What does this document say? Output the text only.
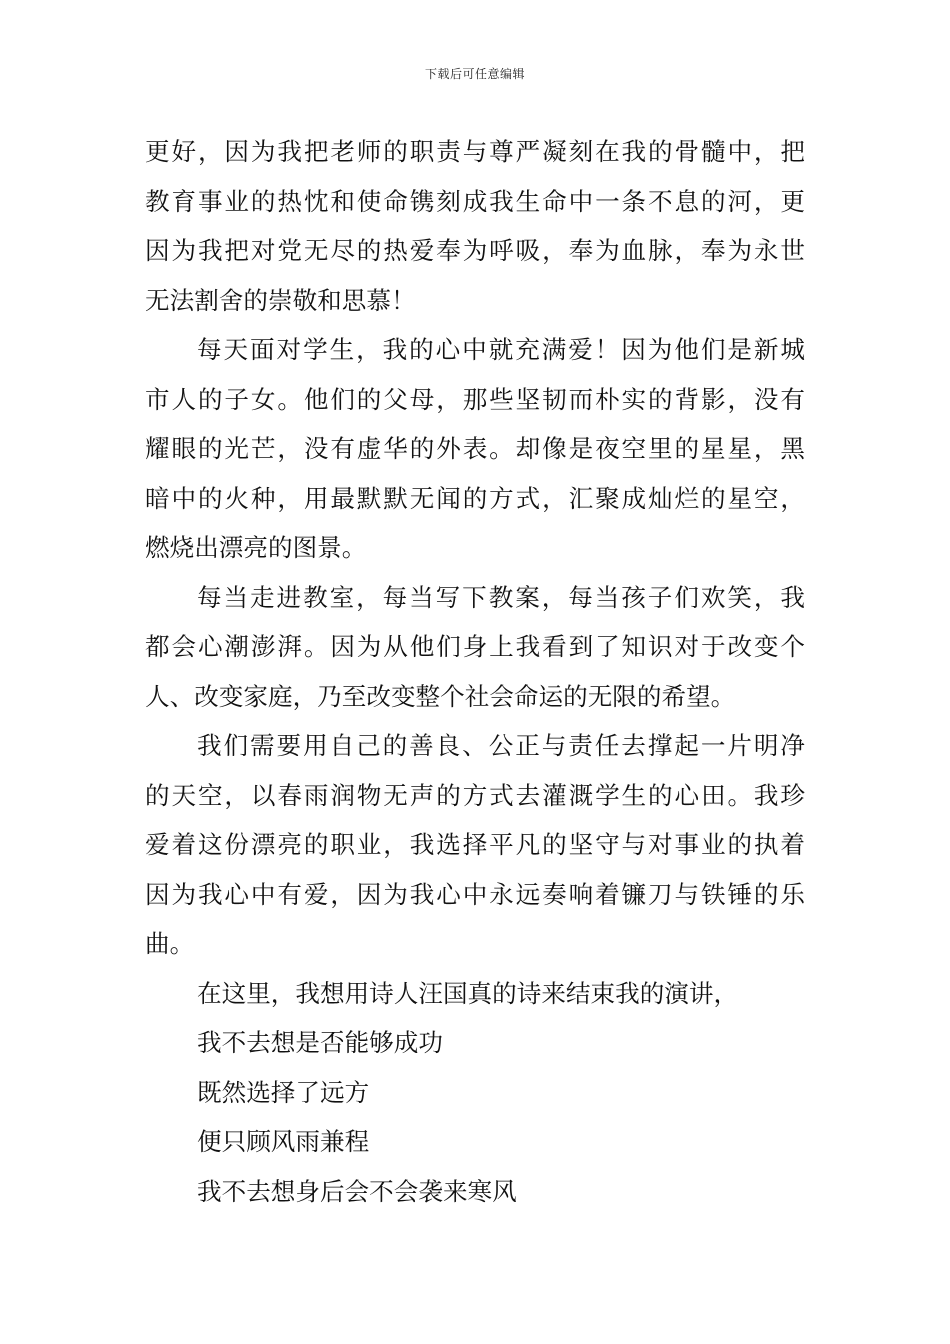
下载后可任意编辑
更好，因为我把老师的职责与尊严凝刻在我的骨髓中，把
教育事业的热忱和使命镌刻成我生命中一条不息的河，更
因为我把对党无尽的热爱奉为呼吸，奉为血脉，奉为永世
无法割舍的崇敬和思慕！
每天面对学生，我的心中就充满爱！因为他们是新城
市人的子女。他们的父母，那些坚韧而朴实的背影，没有
耀眼的光芒，没有虚华的外表。却像是夜空里的星星，黑
暗中的火种，用最默默无闻的方式，汇聚成灿烂的星空，
燃烧出漂亮的图景。
每当走进教室，每当写下教案，每当孩子们欢笑，我
都会心潮澎湃。因为从他们身上我看到了知识对于改变个
人、改变家庭，乃至改变整个社会命运的无限的希望。
我们需要用自己的善良、公正与责任去撑起一片明净
的天空，以春雨润物无声的方式去灌溉学生的心田。我珍
爱着这份漂亮的职业，我选择平凡的坚守与对事业的执着
因为我心中有爱，因为我心中永远奏响着镰刀与铁锤的乐
曲。
在这里，我想用诗人汪国真的诗来结束我的演讲，
我不去想是否能够成功
既然选择了远方
便只顾风雨兼程
我不去想身后会不会袭来寒风
